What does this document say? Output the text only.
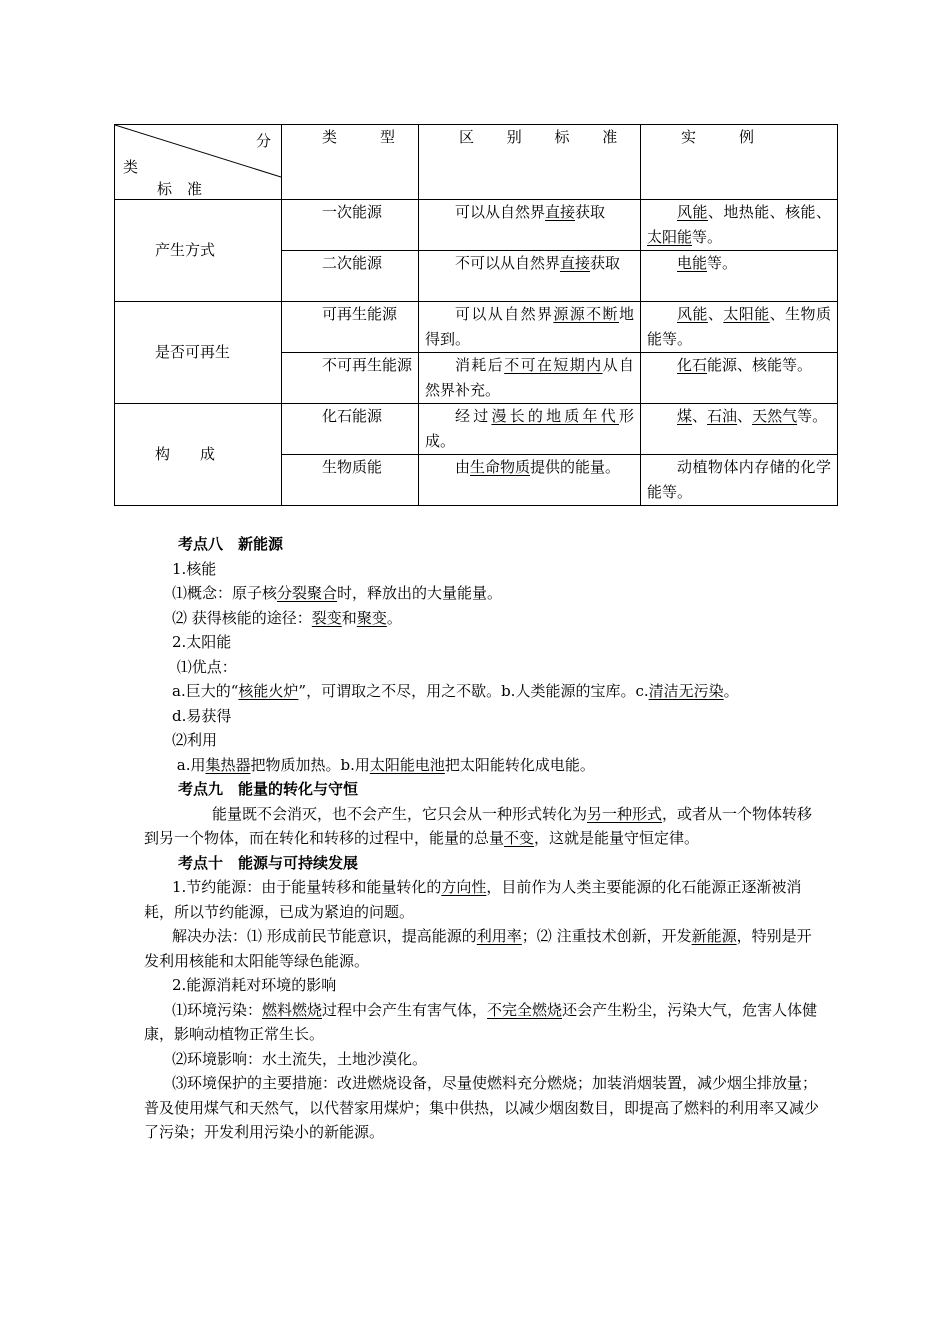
分
类
标　准	类　型	区 别 标 准	实　例
产生方式	一次能源	可以从自然界直接获取	风能、地热能、核能、太阳能等。
	二次能源	不可以从自然界直接获取	电能等。
是否可再生	可再生能源	可以从自然界源源不断地得到。	风能、太阳能、生物质能等。
	不可再生能源	消耗后不可在短期内从自然界补充。	化石能源、核能等。
构　　成	化石能源	经过漫长的地质年代形成。	煤、石油、天然气等。
	生物质能	由生命物质提供的能量。	动植物体内存储的化学能等。

考点八　新能源

1.核能

⑴概念：原子核分裂聚合时，释放出的大量能量。

⑵ 获得核能的途径：裂变和聚变。

2.太阳能

⑴优点：

a.巨大的“核能火炉”，可谓取之不尽，用之不歇。b.人类能源的宝库。c.清洁无污染。

d.易获得

⑵利用

a.用集热器把物质加热。b.用太阳能电池把太阳能转化成电能。

考点九　能量的转化与守恒

能量既不会消灭，也不会产生，它只会从一种形式转化为另一种形式，或者从一个物体转移到另一个物体，而在转化和转移的过程中，能量的总量不变，这就是能量守恒定律。

考点十　能源与可持续发展

1.节约能源：由于能量转移和能量转化的方向性，目前作为人类主要能源的化石能源正逐渐被消耗，所以节约能源，已成为紧迫的问题。

解决办法：⑴ 形成前民节能意识，提高能源的利用率；⑵ 注重技术创新，开发新能源，特别是开发利用核能和太阳能等绿色能源。

2.能源消耗对环境的影响

⑴环境污染：燃料燃烧过程中会产生有害气体，不完全燃烧还会产生粉尘，污染大气，危害人体健康，影响动植物正常生长。

⑵环境影响：水土流失，土地沙漠化。

⑶环境保护的主要措施：改进燃烧设备，尽量使燃料充分燃烧；加装消烟装置，减少烟尘排放量；普及使用煤气和天然气，以代替家用煤炉；集中供热，以减少烟囱数目，即提高了燃料的利用率又减少了污染；开发利用污染小的新能源。
